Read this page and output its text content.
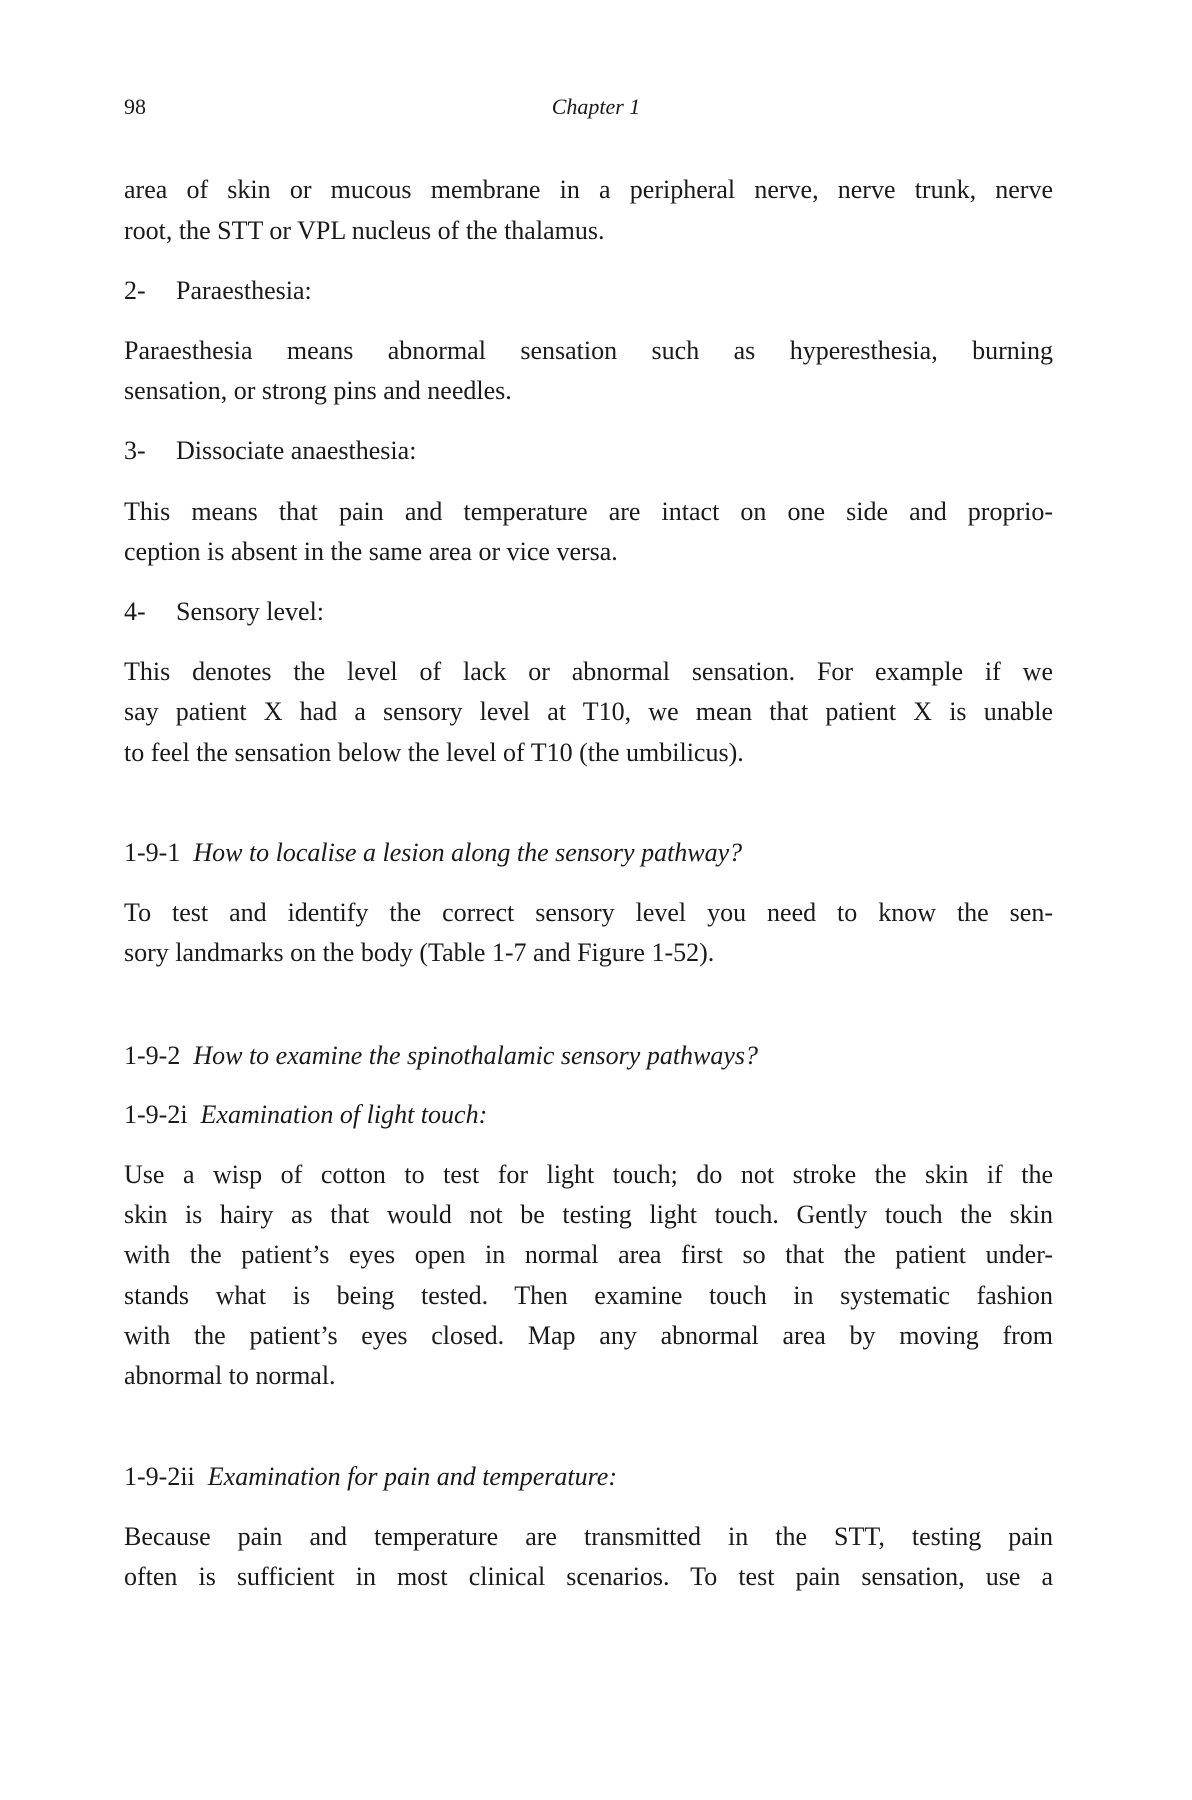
98	Chapter 1
area of skin or mucous membrane in a peripheral nerve, nerve trunk, nerve
root, the STT or VPL nucleus of the thalamus.
2- Paraesthesia:
Paraesthesia means abnormal sensation such as hyperesthesia, burning
sensation, or strong pins and needles.
3- Dissociate anaesthesia:
This means that pain and temperature are intact on one side and proprio-
ception is absent in the same area or vice versa.
4- Sensory level:
This denotes the level of lack or abnormal sensation. For example if we
say patient X had a sensory level at T10, we mean that patient X is unable
to feel the sensation below the level of T10 (the umbilicus).
1-9-1 How to localise a lesion along the sensory pathway?
To test and identify the correct sensory level you need to know the sen-
sory landmarks on the body (Table 1-7 and Figure 1-52).
1-9-2 How to examine the spinothalamic sensory pathways?
1-9-2i Examination of light touch:
Use a wisp of cotton to test for light touch; do not stroke the skin if the
skin is hairy as that would not be testing light touch. Gently touch the skin
with the patient’s eyes open in normal area first so that the patient under-
stands what is being tested. Then examine touch in systematic fashion
with the patient’s eyes closed. Map any abnormal area by moving from
abnormal to normal.
1-9-2ii Examination for pain and temperature:
Because pain and temperature are transmitted in the STT, testing pain
often is sufficient in most clinical scenarios. To test pain sensation, use a
